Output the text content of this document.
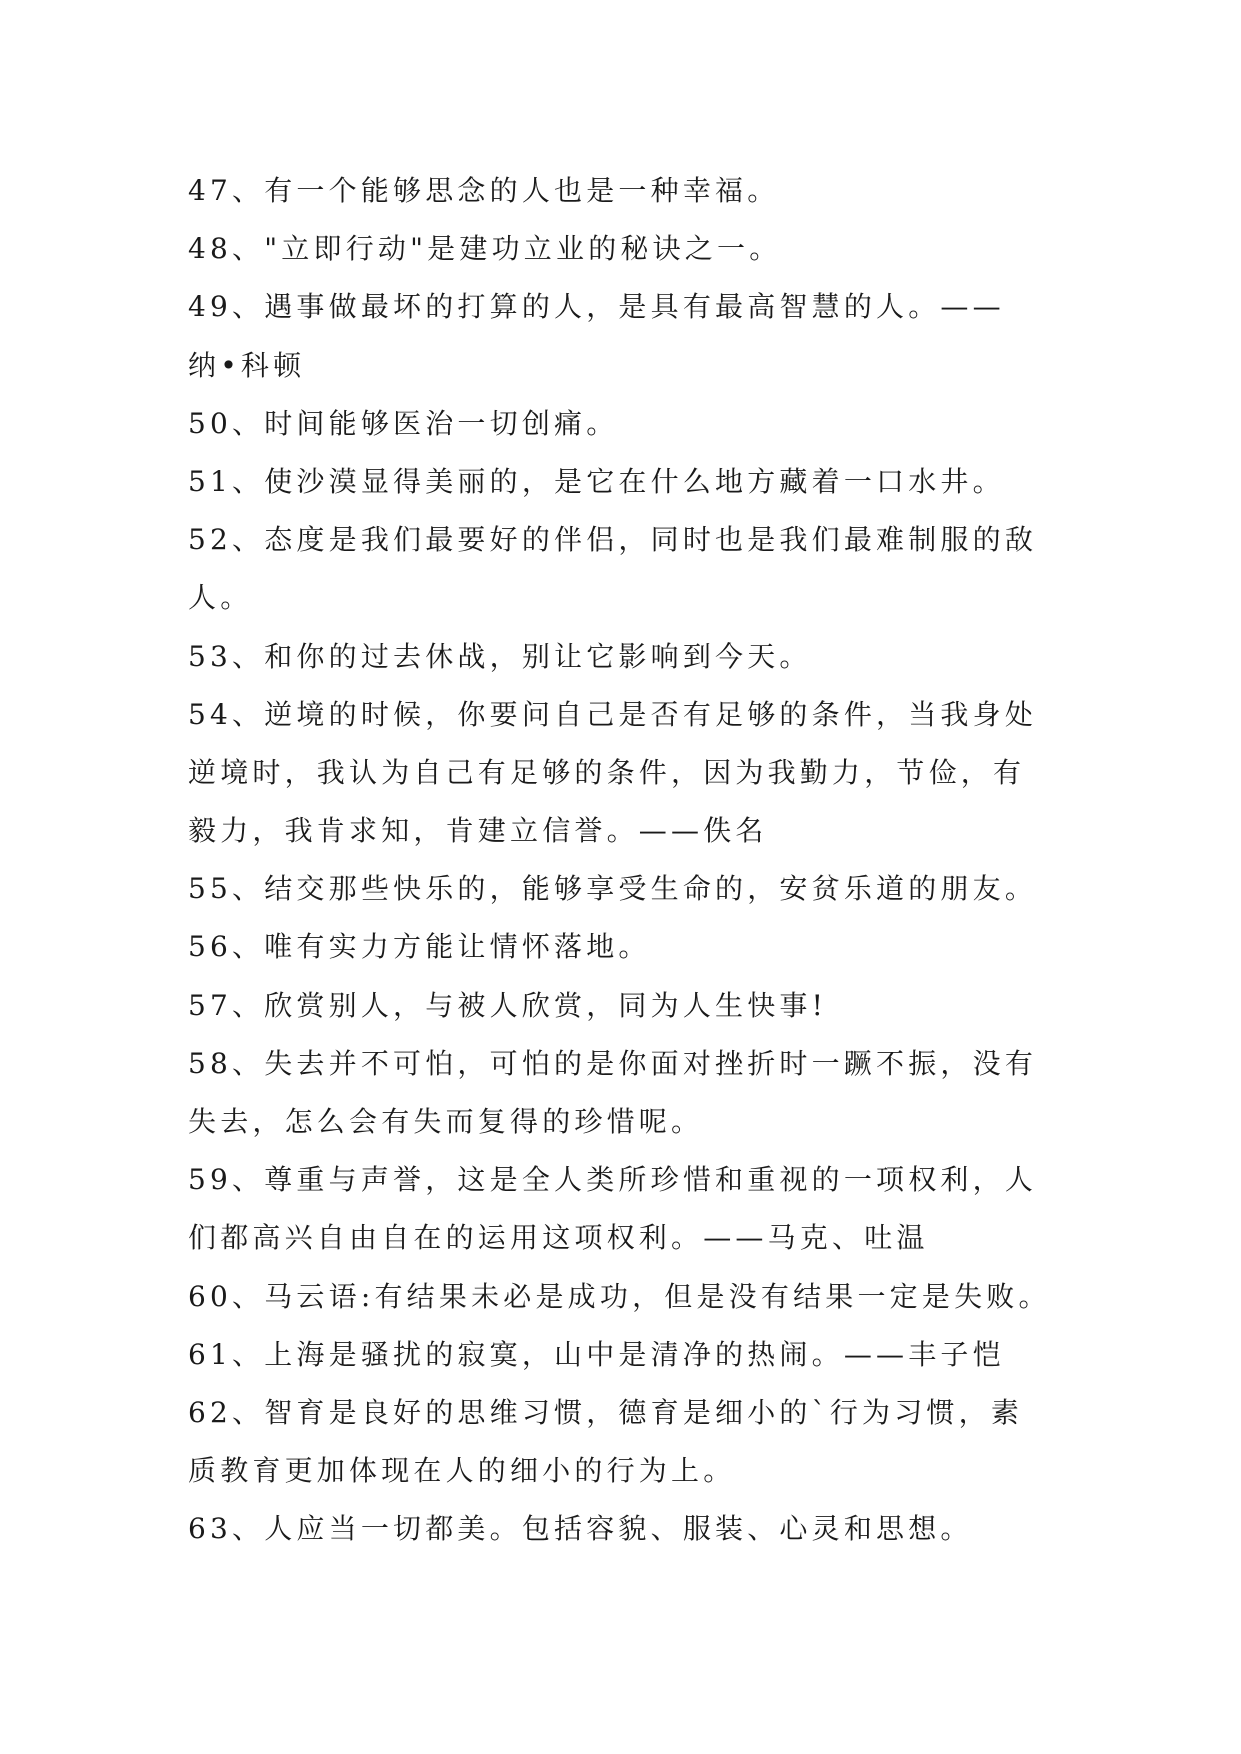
47、有一个能够思念的人也是一种幸福。
48、"立即行动"是建功立业的秘诀之一。
49、遇事做最坏的打算的人，是具有最高智慧的人。——
纳•科顿
50、时间能够医治一切创痛。
51、使沙漠显得美丽的，是它在什么地方藏着一口水井。
52、态度是我们最要好的伴侣，同时也是我们最难制服的敌
人。
53、和你的过去休战，别让它影响到今天。
54、逆境的时候，你要问自己是否有足够的条件，当我身处
逆境时，我认为自己有足够的条件，因为我勤力，节俭，有
毅力，我肯求知，肯建立信誉。——佚名
55、结交那些快乐的，能够享受生命的，安贫乐道的朋友。
56、唯有实力方能让情怀落地。
57、欣赏别人，与被人欣赏，同为人生快事!
58、失去并不可怕，可怕的是你面对挫折时一蹶不振，没有
失去，怎么会有失而复得的珍惜呢。
59、尊重与声誉，这是全人类所珍惜和重视的一项权利，人
们都高兴自由自在的运用这项权利。——马克、吐温
60、马云语:有结果未必是成功，但是没有结果一定是失败。
61、上海是骚扰的寂寞，山中是清净的热闹。——丰子恺
62、智育是良好的思维习惯，德育是细小的`行为习惯，素
质教育更加体现在人的细小的行为上。
63、人应当一切都美。包括容貌、服装、心灵和思想。
